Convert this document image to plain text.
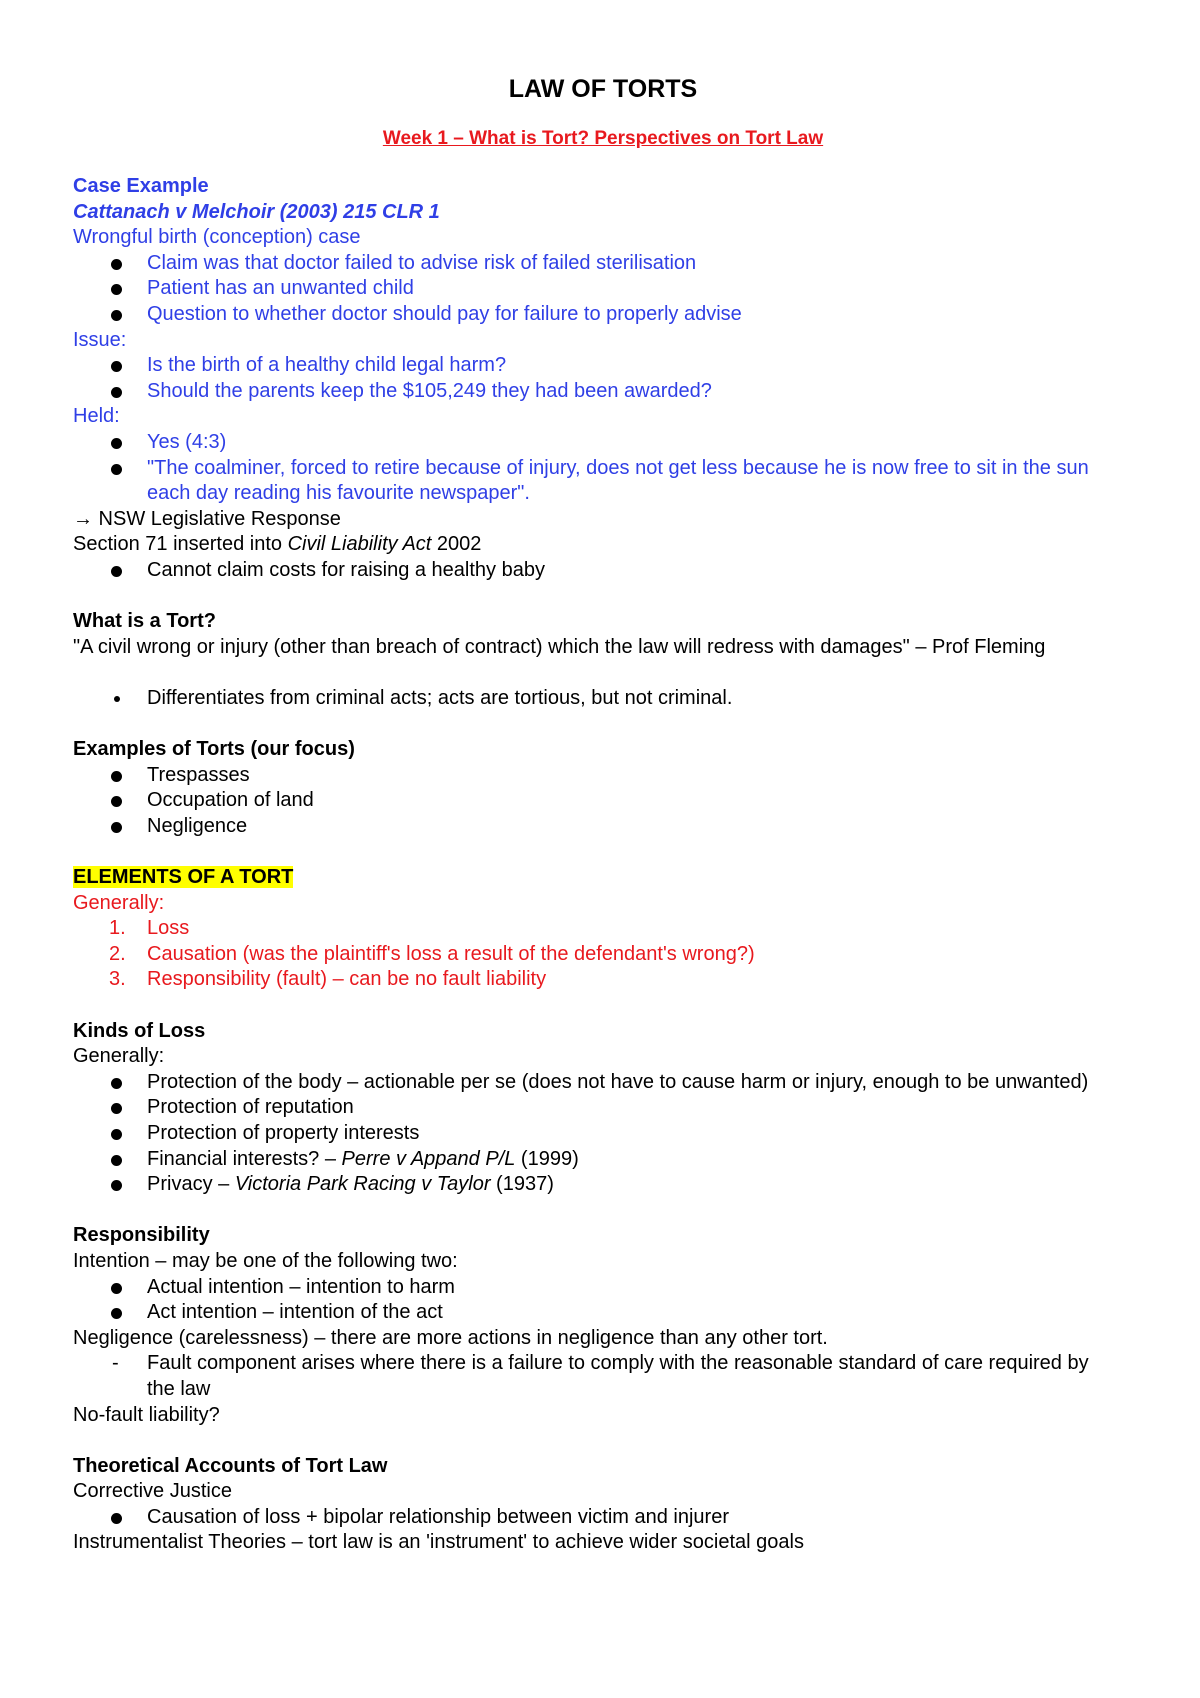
LAW OF TORTS
Week 1 – What is Tort? Perspectives on Tort Law
Case Example
Cattanach v Melchoir (2003) 215 CLR 1
Wrongful birth (conception) case
Claim was that doctor failed to advise risk of failed sterilisation
Patient has an unwanted child
Question to whether doctor should pay for failure to properly advise
Issue:
Is the birth of a healthy child legal harm?
Should the parents keep the $105,249 they had been awarded?
Held:
Yes (4:3)
"The coalminer, forced to retire because of injury, does not get less because he is now free to sit in the sun each day reading his favourite newspaper".
→ NSW Legislative Response
Section 71 inserted into Civil Liability Act 2002
Cannot claim costs for raising a healthy baby
What is a Tort?
"A civil wrong or injury (other than breach of contract) which the law will redress with damages" – Prof Fleming
Differentiates from criminal acts; acts are tortious, but not criminal.
Examples of Torts (our focus)
Trespasses
Occupation of land
Negligence
ELEMENTS OF A TORT
Generally:
1. Loss
2. Causation (was the plaintiff's loss a result of the defendant's wrong?)
3. Responsibility (fault) – can be no fault liability
Kinds of Loss
Generally:
Protection of the body – actionable per se (does not have to cause harm or injury, enough to be unwanted)
Protection of reputation
Protection of property interests
Financial interests? – Perre v Appand P/L (1999)
Privacy – Victoria Park Racing v Taylor (1937)
Responsibility
Intention – may be one of the following two:
Actual intention – intention to harm
Act intention – intention of the act
Negligence (carelessness) – there are more actions in negligence than any other tort.
- Fault component arises where there is a failure to comply with the reasonable standard of care required by the law
No-fault liability?
Theoretical Accounts of Tort Law
Corrective Justice
Causation of loss + bipolar relationship between victim and injurer
Instrumentalist Theories – tort law is an 'instrument' to achieve wider societal goals
